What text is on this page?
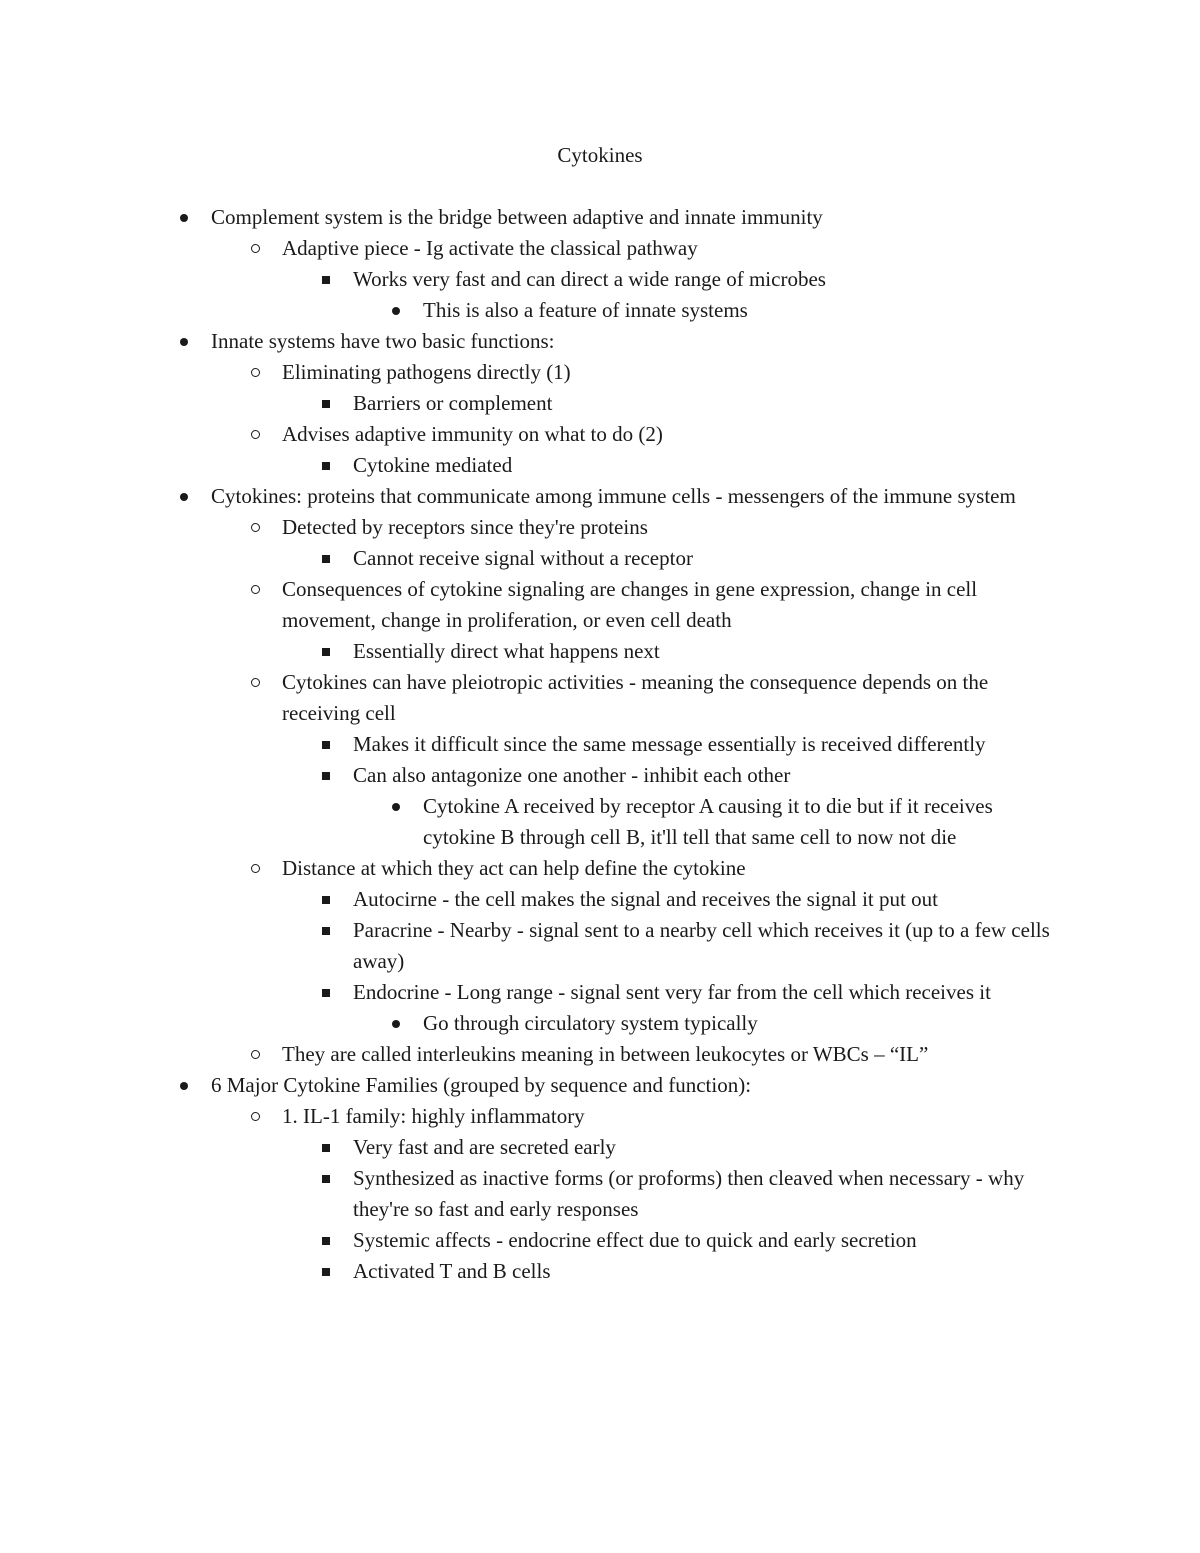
Cytokines
Complement system is the bridge between adaptive and innate immunity
Adaptive piece - Ig activate the classical pathway
Works very fast and can direct a wide range of microbes
This is also a feature of innate systems
Innate systems have two basic functions:
Eliminating pathogens directly (1)
Barriers or complement
Advises adaptive immunity on what to do (2)
Cytokine mediated
Cytokines: proteins that communicate among immune cells - messengers of the immune system
Detected by receptors since they're proteins
Cannot receive signal without a receptor
Consequences of cytokine signaling are changes in gene expression, change in cell movement, change in proliferation, or even cell death
Essentially direct what happens next
Cytokines can have pleiotropic activities - meaning the consequence depends on the receiving cell
Makes it difficult since the same message essentially is received differently
Can also antagonize one another - inhibit each other
Cytokine A received by receptor A causing it to die but if it receives cytokine B through cell B, it'll tell that same cell to now not die
Distance at which they act can help define the cytokine
Autocirne - the cell makes the signal and receives the signal it put out
Paracrine - Nearby - signal sent to a nearby cell which receives it (up to a few cells away)
Endocrine - Long range - signal sent very far from the cell which receives it
Go through circulatory system typically
They are called interleukins meaning in between leukocytes or WBCs – “IL”
6 Major Cytokine Families (grouped by sequence and function):
1. IL-1 family: highly inflammatory
Very fast and are secreted early
Synthesized as inactive forms (or proforms) then cleaved when necessary - why they're so fast and early responses
Systemic affects - endocrine effect due to quick and early secretion
Activated T and B cells
